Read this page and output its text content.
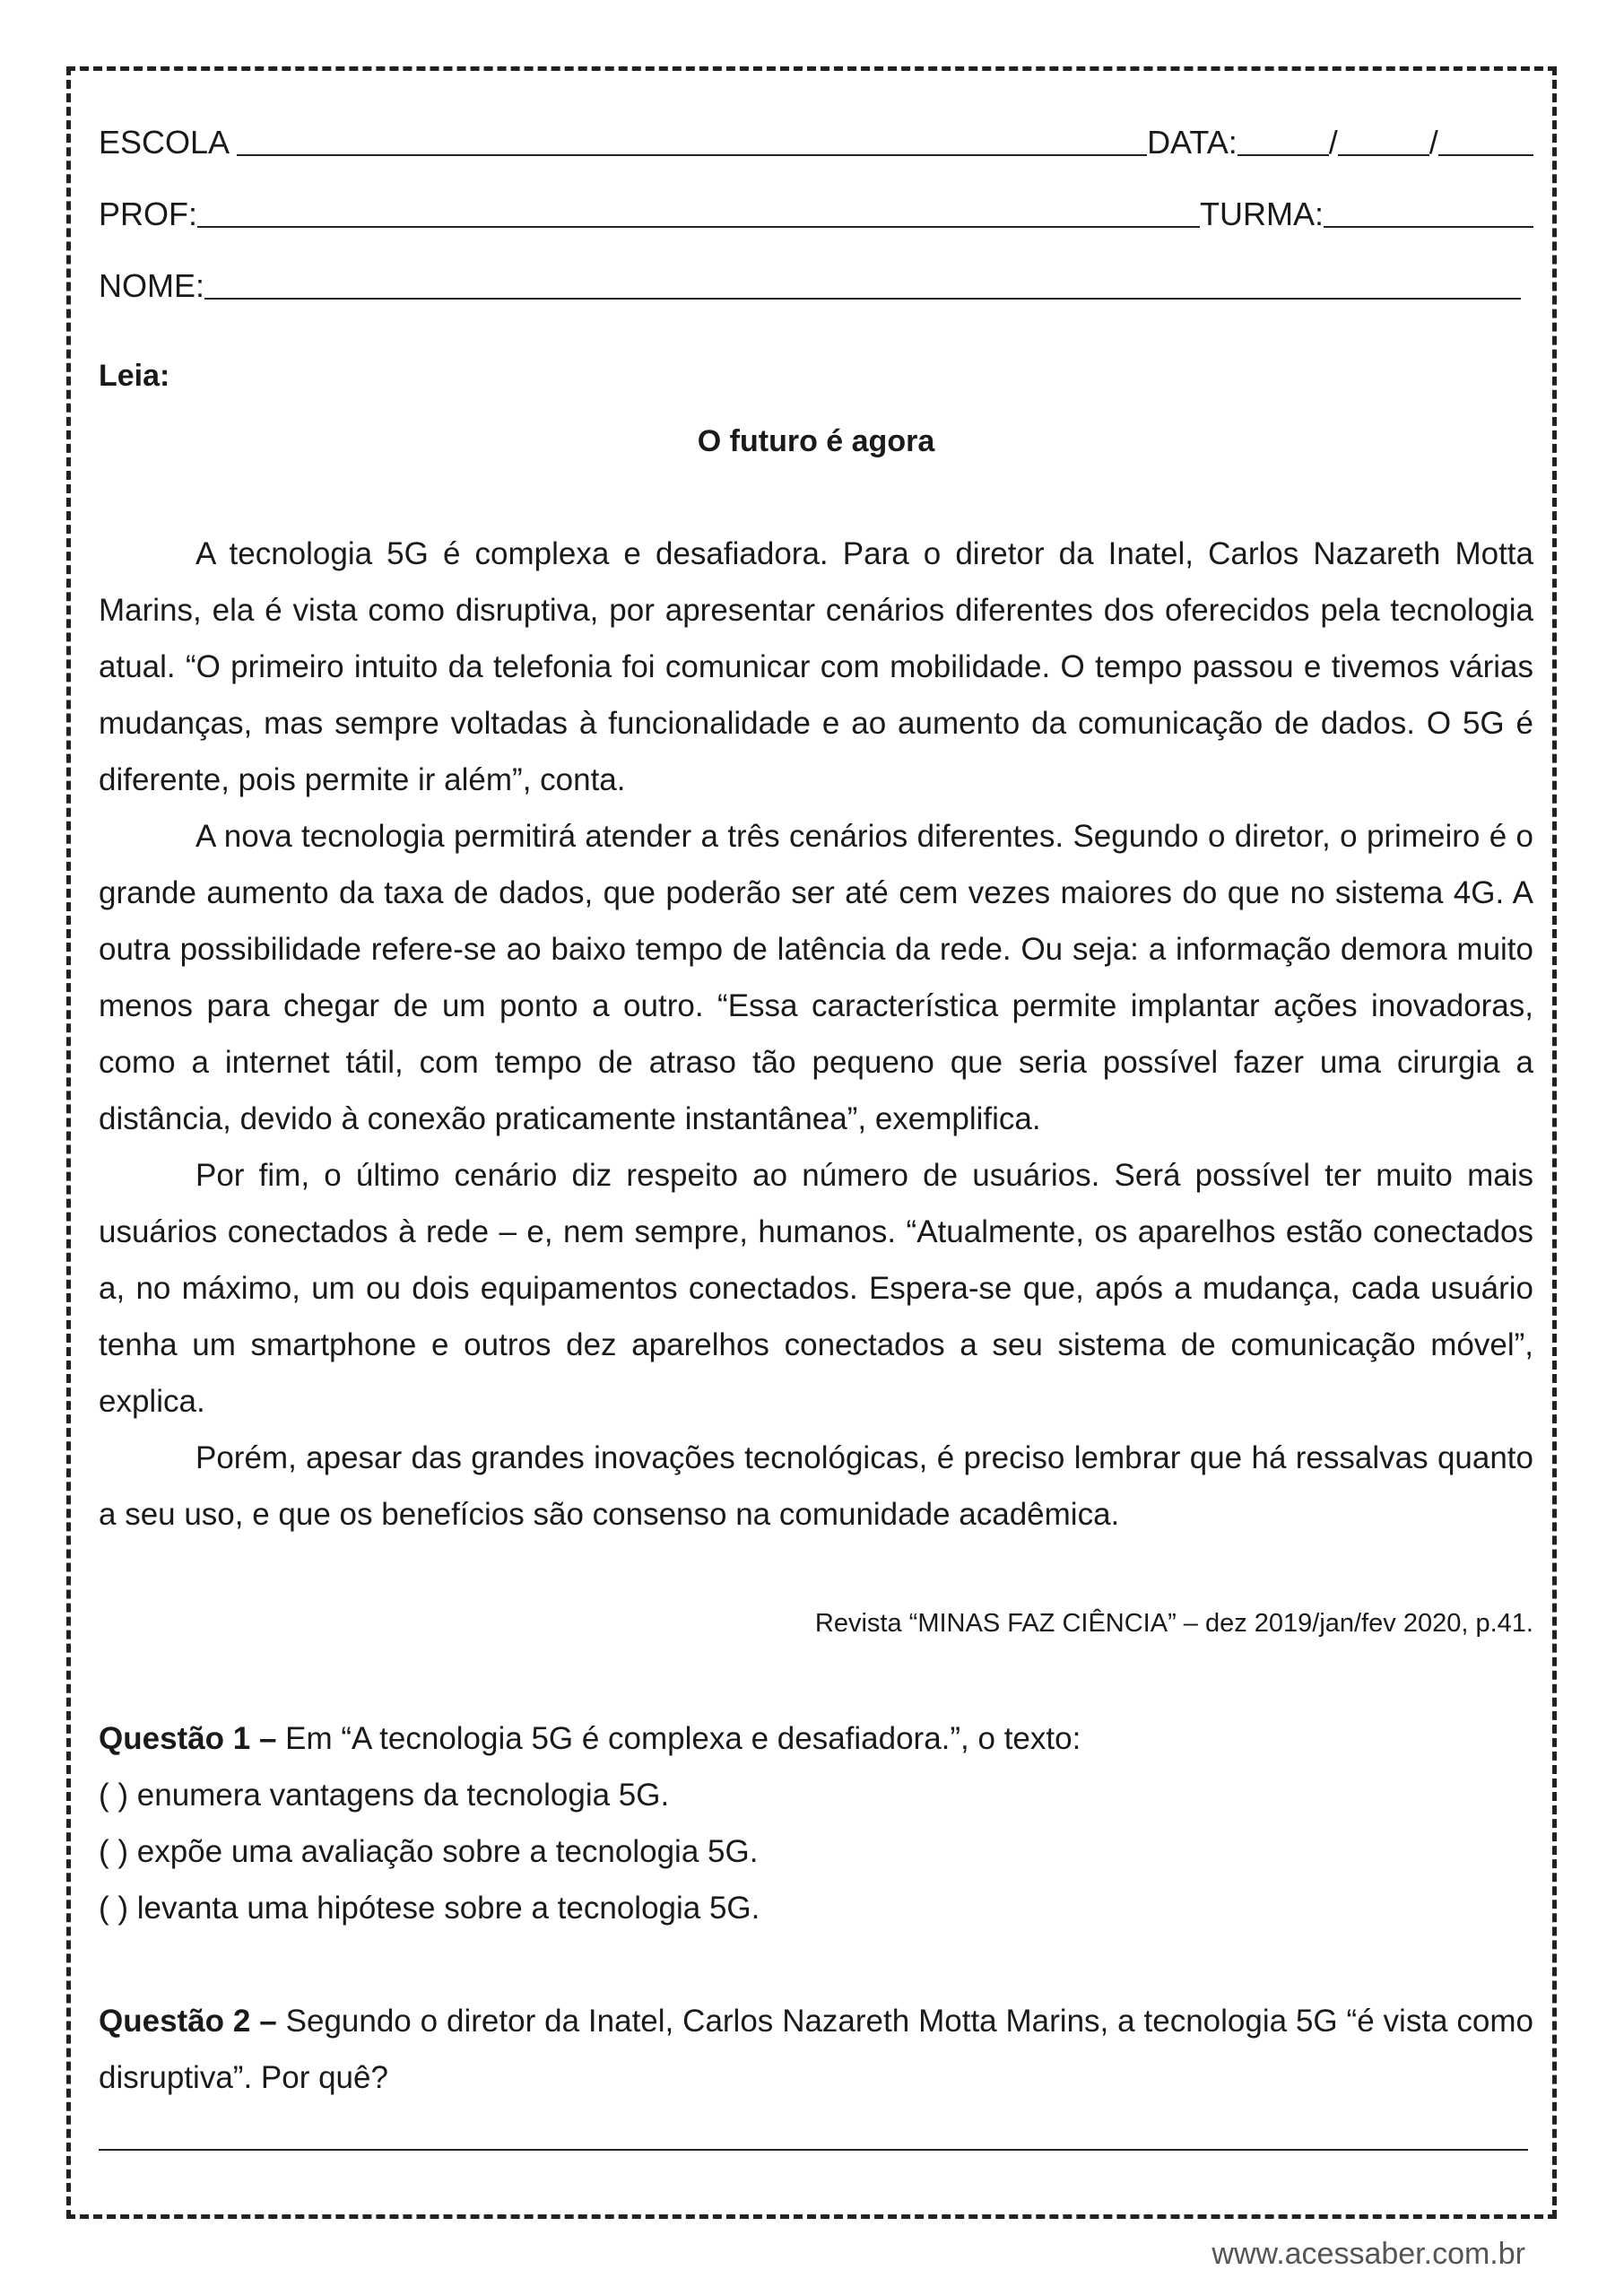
ESCOLA	DATA:	/	/
PROF:	TURMA:
NOME:
Leia:
O futuro é agora

A tecnologia 5G é complexa e desafiadora. Para o diretor da Inatel, Carlos Nazareth Motta Marins, ela é vista como disruptiva, por apresentar cenários diferentes dos oferecidos pela tecnologia atual. “O primeiro intuito da telefonia foi comunicar com mobilidade. O tempo passou e tivemos várias mudanças, mas sempre voltadas à funcionalidade e ao aumento da comunicação de dados. O 5G é diferente, pois permite ir além”, conta.

A nova tecnologia permitirá atender a três cenários diferentes. Segundo o diretor, o primeiro é o grande aumento da taxa de dados, que poderão ser até cem vezes maiores do que no sistema 4G. A outra possibilidade refere-se ao baixo tempo de latência da rede. Ou seja: a informação demora muito menos para chegar de um ponto a outro. “Essa característica permite implantar ações inovadoras, como a internet tátil, com tempo de atraso tão pequeno que seria possível fazer uma cirurgia a distância, devido à conexão praticamente instantânea”, exemplifica.

Por fim, o último cenário diz respeito ao número de usuários. Será possível ter muito mais usuários conectados à rede – e, nem sempre, humanos. “Atualmente, os aparelhos estão conectados a, no máximo, um ou dois equipamentos conectados. Espera-se que, após a mudança, cada usuário tenha um smartphone e outros dez aparelhos conectados a seu sistema de comunicação móvel”, explica.

Porém, apesar das grandes inovações tecnológicas, é preciso lembrar que há ressalvas quanto a seu uso, e que os benefícios são consenso na comunidade acadêmica.

Revista “MINAS FAZ CIÊNCIA” – dez 2019/jan/fev 2020, p.41.
Questão 1 – Em “A tecnologia 5G é complexa e desafiadora.”, o texto:
( ) enumera vantagens da tecnologia 5G.
( ) expõe uma avaliação sobre a tecnologia 5G.
( ) levanta uma hipótese sobre a tecnologia 5G.
Questão 2 – Segundo o diretor da Inatel, Carlos Nazareth Motta Marins, a tecnologia 5G “é vista como disruptiva”. Por quê?
www.acessaber.com.br
